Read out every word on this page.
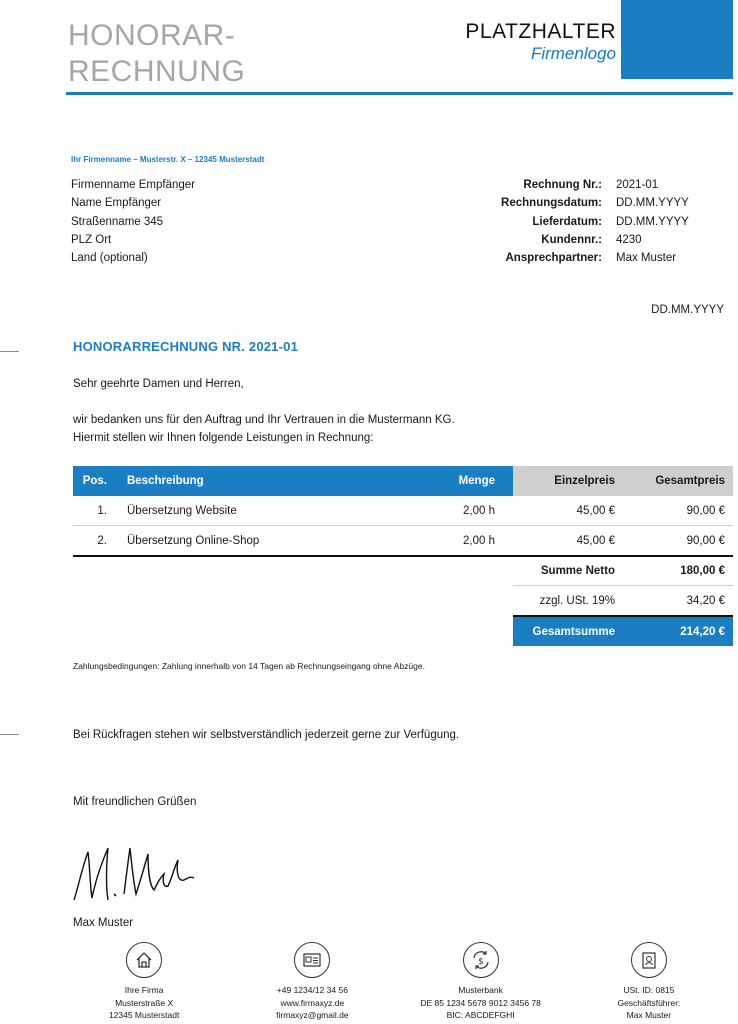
HONORAR-
RECHNUNG
PLATZHALTER
Firmenlogo
Ihr Firmenname – Musterstr. X – 12345 Musterstadt
Firmenname Empfänger
Name Empfänger
Straßenname 345
PLZ Ort
Land (optional)
Rechnung Nr.:	2021-01
Rechnungsdatum:	DD.MM.YYYY
Lieferdatum:	DD.MM.YYYY
Kundennr.:	4230
Ansprechpartner:	Max Muster
DD.MM.YYYY
HONORARRECHNUNG NR. 2021-01
Sehr geehrte Damen und Herren,
wir bedanken uns für den Auftrag und Ihr Vertrauen in die Mustermann KG.
Hiermit stellen wir Ihnen folgende Leistungen in Rechnung:
Pos.	Beschreibung	Menge	Einzelpreis	Gesamtpreis
1.	Übersetzung Website	2,00 h	45,00 €	90,00 €
2.	Übersetzung Online-Shop	2,00 h	45,00 €	90,00 €
Summe Netto	180,00 €
zzgl. USt. 19%	34,20 €
Gesamtsumme	214,20 €
Zahlungsbedingungen: Zahlung innerhalb von 14 Tagen ab Rechnungseingang ohne Abzüge.
Bei Rückfragen stehen wir selbstverständlich jederzeit gerne zur Verfügung.
Mit freundlichen Grüßen
Max Muster
Ihre Firma
Musterstraße X
12345 Musterstadt
+49 1234/12 34 56
www.firmaxyz.de
firmaxyz@gmail.de
$
Musterbank
DE 85 1234 5678 9012 3456 78
BIC: ABCDEFGHI
USt. ID: 0815
Geschäftsführer:
Max Muster
